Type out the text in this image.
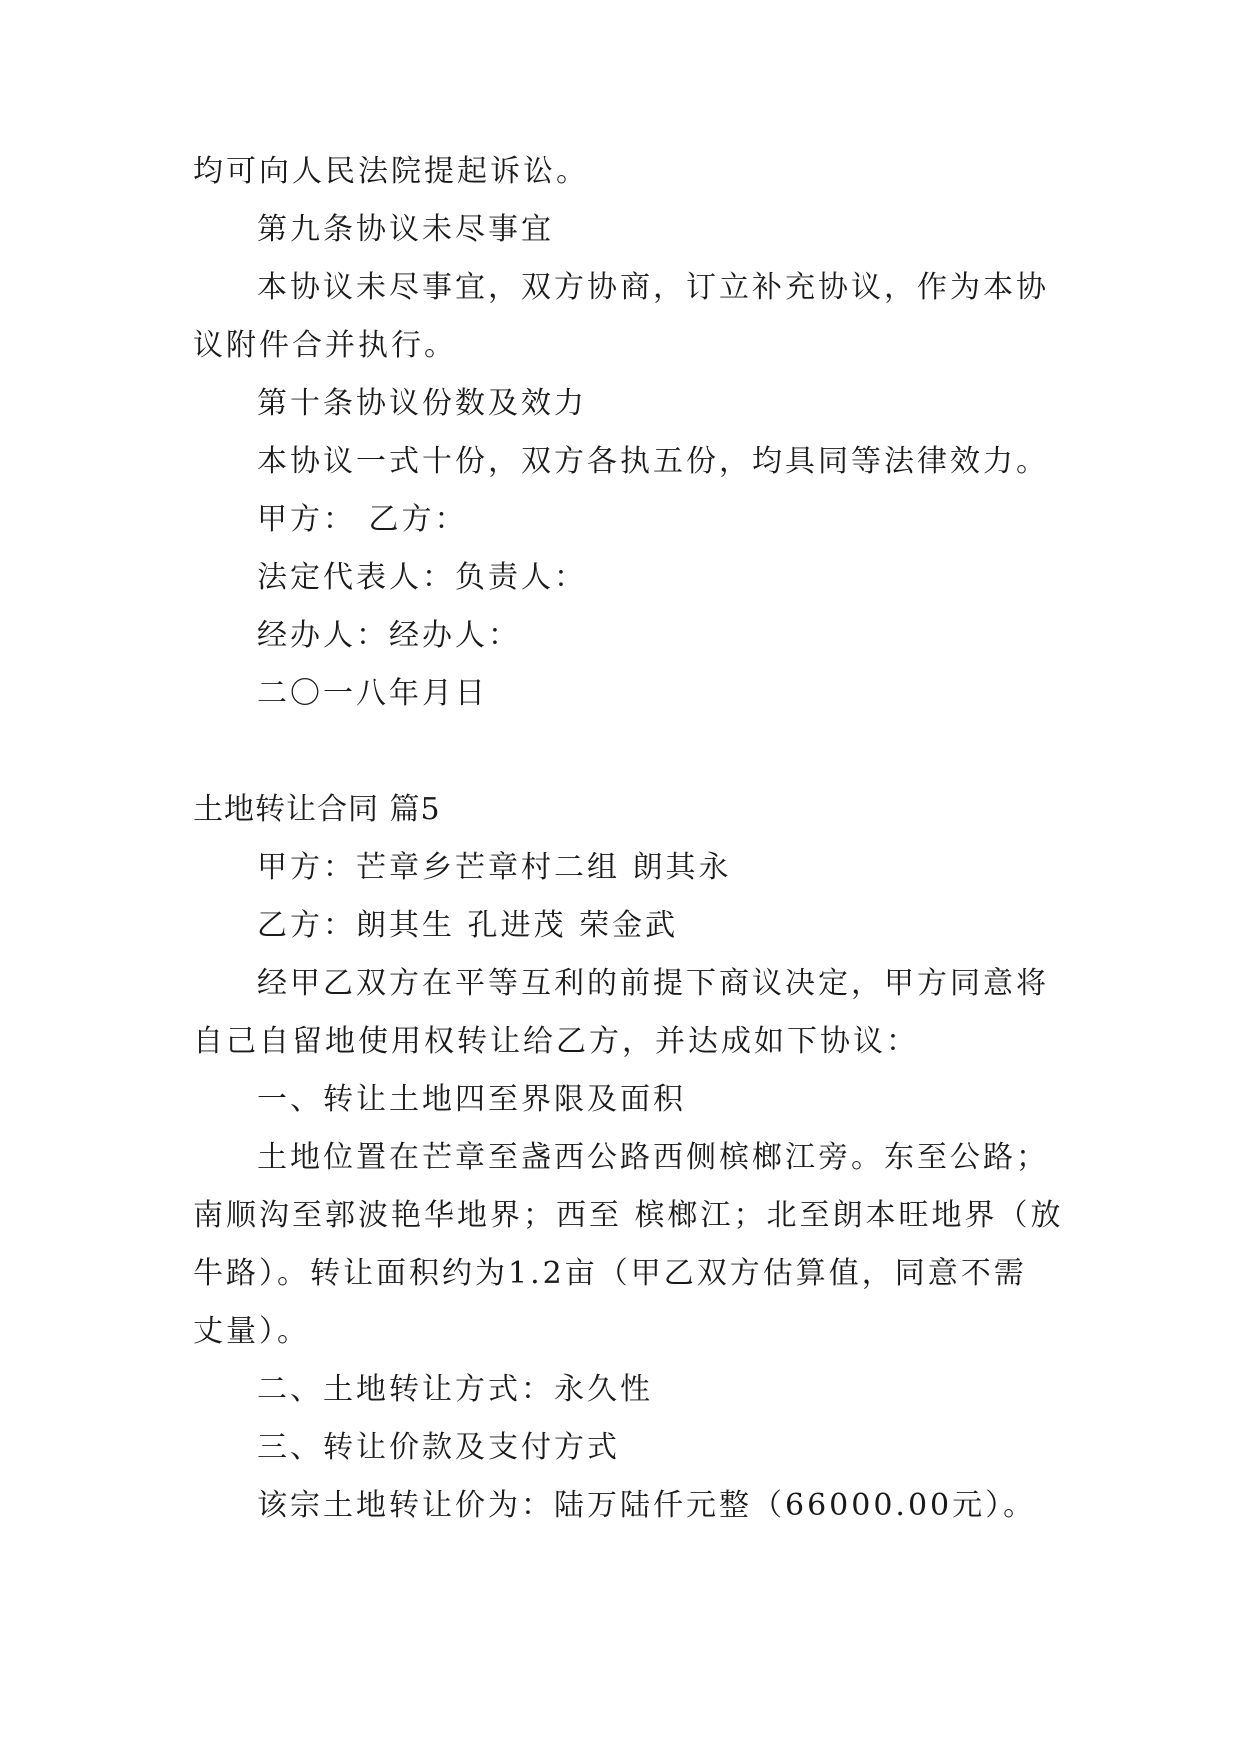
均可向人民法院提起诉讼。
第九条协议未尽事宜
本协议未尽事宜，双方协商，订立补充协议，作为本协
议附件合并执行。
第十条协议份数及效力
本协议一式十份，双方各执五份，均具同等法律效力。
甲方： 乙方：
法定代表人：负责人：
经办人：经办人：
二〇一八年月日
土地转让合同 篇5
甲方：芒章乡芒章村二组 朗其永
乙方：朗其生 孔进茂 荣金武
经甲乙双方在平等互利的前提下商议决定，甲方同意将
自己自留地使用权转让给乙方，并达成如下协议：
一、转让土地四至界限及面积
土地位置在芒章至盏西公路西侧槟榔江旁。东至公路；
南顺沟至郭波艳华地界；西至 槟榔江；北至朗本旺地界（放
牛路）。转让面积约为1.2亩（甲乙双方估算值，同意不需
丈量）。
二、土地转让方式：永久性
三、转让价款及支付方式
该宗土地转让价为：陆万陆仟元整（66000.00元）。
